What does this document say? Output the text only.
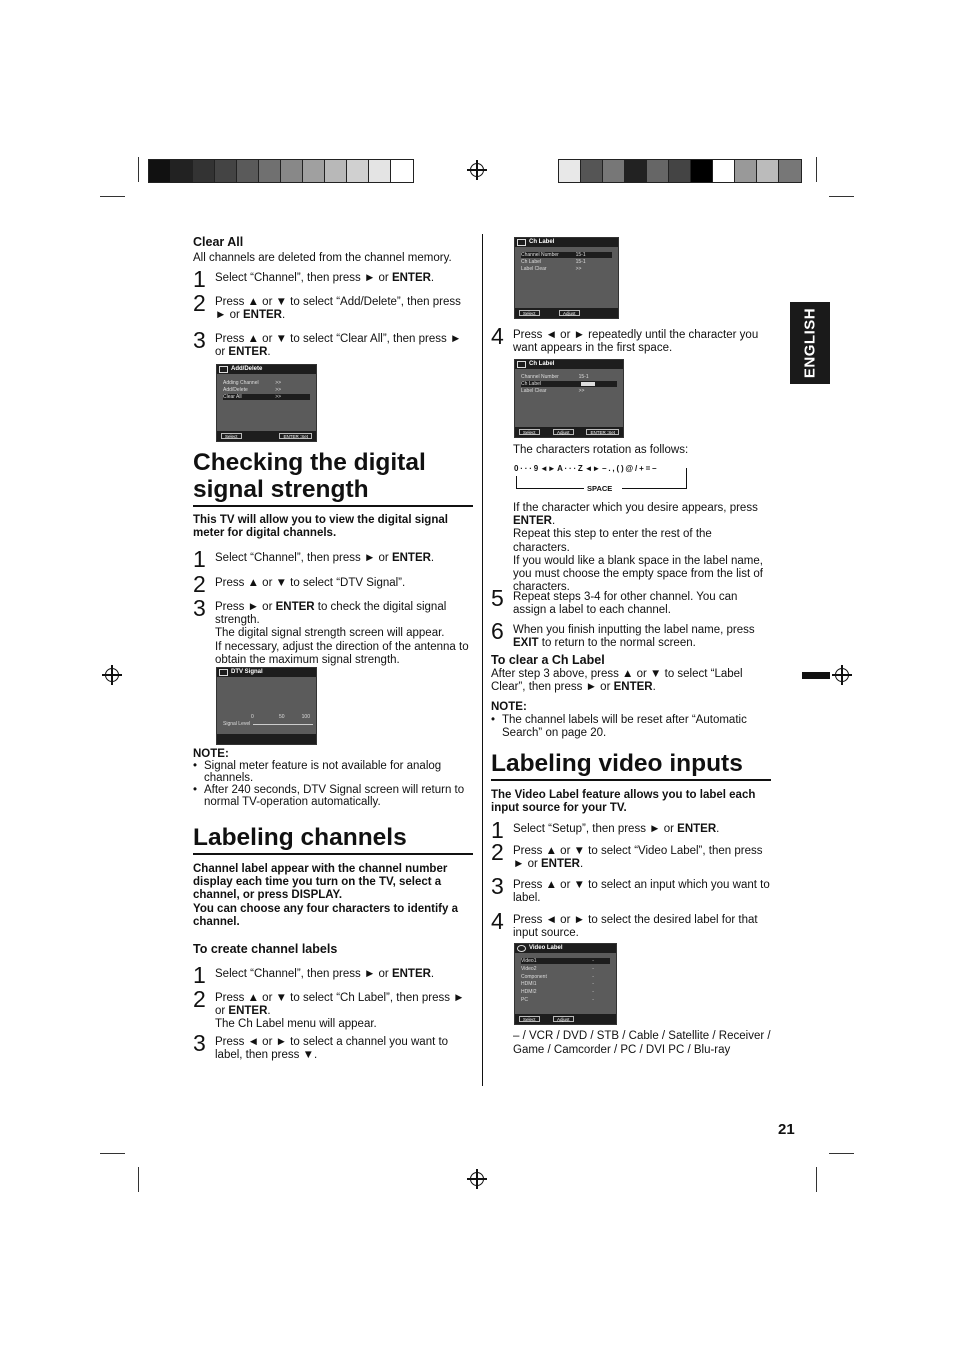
ENGLISH
Clear All
All channels are deleted from the channel memory.
1 Select “Channel”, then press ► or ENTER.
2 Press ▲ or ▼ to select “Add/Delete”, then press ► or ENTER.
3 Press ▲ or ▼ to select “Clear All”, then press ► or ENTER.
Add/Delete
Adding Channel	>>
Add/Delete	>>
Clear All	>>
Select	ENTER :Set
Checking the digital signal strength
This TV will allow you to view the digital signal meter for digital channels.
1 Select “Channel”, then press ► or ENTER.
2 Press ▲ or ▼ to select “DTV Signal”.
3 Press ► or ENTER to check the digital signal strength.
The digital signal strength screen will appear.
If necessary, adjust the direction of the antenna to obtain the maximum signal strength.
DTV Signal
0	50	100
Signal Level
NOTE:
• Signal meter feature is not available for analog channels.
• After 240 seconds, DTV Signal screen will return to normal TV-operation automatically.
Labeling channels
Channel label appear with the channel number display each time you turn on the TV, select a channel, or press DISPLAY.
You can choose any four characters to identify a channel.
To create channel labels
1 Select “Channel”, then press ► or ENTER.
2 Press ▲ or ▼ to select “Ch Label”, then press ► or ENTER.
The Ch Label menu will appear.
3 Press ◄ or ► to select a channel you want to label, then press ▼.
Ch Label
Channel Number	15-1
Ch Label	15-1
Label Clear	>>
Select	Adjust
4 Press ◄ or ► repeatedly until the character you want appears in the first space.
Ch Label
Channel Number	15-1
Ch Label
Label Clear	>>
Select	Adjust	ENTER :Set
The characters rotation as follows:
0 · · · 9 ◄► A · · · Z ◄► – . , ( ) @ / + = –
SPACE
If the character which you desire appears, press ENTER.
Repeat this step to enter the rest of the characters.
If you would like a blank space in the label name, you must choose the empty space from the list of characters.
5 Repeat steps 3-4 for other channel. You can assign a label to each channel.
6 When you finish inputting the label name, press EXIT to return to the normal screen.
To clear a Ch Label
After step 3 above, press ▲ or ▼ to select “Label Clear”, then press ► or ENTER.
NOTE:
• The channel labels will be reset after “Automatic Search” on page 20.
Labeling video inputs
The Video Label feature allows you to label each input source for your TV.
1 Select “Setup”, then press ► or ENTER.
2 Press ▲ or ▼ to select “Video Label”, then press ► or ENTER.
3 Press ▲ or ▼ to select an input which you want to label.
4 Press ◄ or ► to select the desired label for that input source.
Video Label
Video1	-
Video2	-
Component	-
HDMI1	-
HDMI2	-
PC	-
Select	Adjust
– / VCR / DVD / STB / Cable / Satellite / Receiver / Game / Camcorder / PC / DVI PC / Blu-ray
21
